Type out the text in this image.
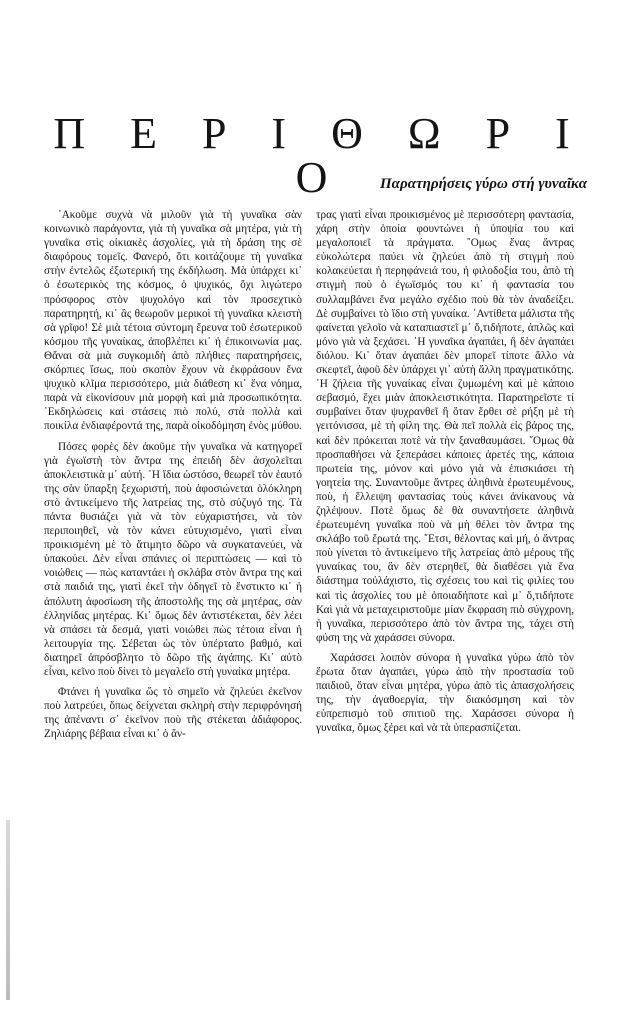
Π Ε Ρ Ι Θ Ω Ρ Ι Ο	Παρατηρήσεις γύρω στή γυναῖκα

᾿Ακοῦμε συχνὰ νὰ μιλοῦν γιὰ τὴ γυναῖκα σὰν κοινωνικὸ παράγοντα, γιὰ τὴ γυναῖκα σὰ μητέρα, γιὰ τὴ γυναῖκα στὶς οἰκιακὲς ἀσχολίες, γιὰ τὴ δράση της σὲ διαφόρους τομεῖς. Φανερό, ὅτι κοιτάζουμε τὴ γυναῖκα στὴν ἐντελῶς ἐξωτερική της ἐκδήλωση. Μὰ ὑπάρχει κι᾿ ὁ ἐσωτερικὸς της κόσμος, ὁ ψυχικός, ὄχι λιγώτερο πρόσφορος στὸν ψυχολόγο καὶ τὸν προσεχτικὸ παρατηρητή, κι᾿ ἂς θεωροῦν μερικοὶ τὴ γυναῖκα κλειστὴ σὰ γρῖφο! Σὲ μιὰ τέτοια σύντομη ἔρευνα τοῦ ἐσωτερικοῦ κόσμου τῆς γυναίκας, ἀποβλέπει κι᾿ ἡ ἐπικοινωνία μας. Θἄναι σὰ μιὰ συγκομιδὴ ἀπὸ πλήθιες παρατηρήσεις, σκόρπιες ἴσως, ποὺ σκοπὸν ἔχουν νὰ ἐκφράσουν ἕνα ψυχικὸ κλῖμα περισσότερο, μιὰ διάθεση κι᾿ ἕνα νόημα, παρὰ νὰ εἰκονίσουν μιὰ μορφὴ καὶ μιὰ προσωπικότητα. ᾿Εκδηλώσεις καὶ στάσεις πιὸ πολύ, στὰ πολλὰ καὶ ποικίλα ἐνδιαφέροντά της, παρὰ οἰκοδόμηση ἑνὸς μύθου.

Πόσες φορὲς δὲν ἀκοῦμε τὴν γυναῖκα νὰ κατηγορεῖ γιὰ ἐγωϊστὴ τὸν ἄντρα της ἐπειδὴ δὲν ἀσχολεῖται ἀποκλειστικὰ μ᾿ αὐτή. ῾Η ἴδια ὡστόσο, θεωρεῖ τὸν ἑαυτό της σὰν ὕπαρξη ξεχωριστή, ποὺ ἀφοσιώνεται ὁλόκληρη στὸ ἀντικείμενο τῆς λατρείας της, στὸ σύζυγό της. Τὰ πάντα θυσιάζει γιὰ νὰ τὸν εὐχαριστήσει, νὰ τὸν περιποιηθεῖ, νὰ τὸν κάνει εὐτυχισμένο, γιατὶ εἶναι προικισμένη μὲ τὸ ἄτιμητο δῶρο νὰ συγκατανεύει, νὰ ὑπακούει. Δὲν εἶναι σπάνιες οἱ περιπτώσεις — καὶ τὸ νοιώθεις — πὼς καταντάει ἡ σκλάβα στὸν ἄντρα της καὶ στὰ παιδιά της, γιατὶ ἐκεῖ τὴν ὁδηγεῖ τὸ ἔνστικτο κι᾿ ἡ ἀπόλυτη ἀφοσίωση τῆς ἀποστολῆς της σὰ μητέρας, σὰν ἑλληνίδας μητέρας. Κι᾿ ὅμως δὲν ἀντιστέκεται, δὲν λέει νὰ σπάσει τὰ δεσμά, γιατὶ νοιώθει πὼς τέτοια εἶναι ἡ λειτουργία της. Σέβεται ὡς τὸν ὑπέρτατο βαθμό, καὶ διατηρεῖ ἀπρόσβλητο τὸ δῶρο τῆς ἀγάπης. Κι᾿ αὐτὸ εἶναι, κεῖνο ποὺ δίνει τὸ μεγαλεῖο στὴ γυναίκα μητέρα.

Φτάνει ἡ γυναῖκα ὥς τὸ σημεῖο νὰ ζηλεύει ἐκεῖνον ποὺ λατρεύει, ὅπως δείχνεται σκληρὴ στὴν περιφρόνησή της ἀπέναντι σ᾿ ἐκεῖνον ποὺ τῆς στέκεται ἀδιάφορος. Ζηλιάρης βέβαια εἶναι κι᾿ ὁ ἄν-

τρας γιατὶ εἶναι προικισμένος μὲ περισσότερη φαντασία, χάρη στὴν ὁποία φουντώνει ἡ ὑποψία του καὶ μεγαλοποιεῖ τὰ πράγματα. ῎Ομως ἕνας ἄντρας εὐκολώτερα παύει νὰ ζηλεύει ἀπὸ τὴ στιγμὴ ποὺ κολακεύεται ἡ περηφάνειά του, ἡ φιλοδοξία του, ἀπὸ τὴ στιγμὴ ποὺ ὁ ἐγωϊσμός του κι᾿ ἡ φαντασία του συλλαμβάνει ἕνα μεγάλο σχέδιο ποὺ θὰ τὸν ἀναδείξει. Δὲ συμβαίνει τὸ ἴδιο στὴ γυναίκα. ᾿Αντίθετα μάλιστα τῆς φαίνεται γελοῖο νὰ καταπιαστεῖ μ᾿ ὅ,τιδήποτε, ἁπλῶς καὶ μόνο γιὰ νὰ ξεχάσει. ῾Η γυναῖκα ἀγαπάει, ἢ δὲν ἀγαπάει διόλου. Κι᾿ ὅταν ἀγαπάει δὲν μπορεῖ τίποτε ἄλλο νὰ σκεφτεῖ, ἀφοῦ δὲν ὑπάρχει γι᾿ αὐτὴ ἄλλη πραγματικότης. ῾Η ζήλεια τῆς γυναίκας εἶναι ζυμωμένη καὶ μὲ κάποιο σεβασμό, ἔχει μιὰν ἀποκλειστικότητα. Παρατηρεῖστε τί συμβαίνει ὅταν ψυχρανθεῖ ἢ ὅταν ἔρθει σὲ ρήξη μὲ τὴ γειτόνισσα, μὲ τὴ φίλη της. Θὰ πεῖ πολλὰ εἰς βάρος της, καὶ δὲν πρόκειται ποτὲ νὰ τὴν ξαναθαυμάσει. ῎Ομως θὰ προσπαθήσει νὰ ξεπεράσει κάποιες ἀρετές της, κάποια πρωτεία της, μόνον καὶ μόνο γιὰ νὰ ἐπισκιάσει τὴ γοητεία της. Συναντοῦμε ἄντρες ἀληθινὰ ἐρωτευμένους, ποὺ, ἡ ἔλλειψη φαντασίας τοὺς κάνει ἀνίκανους νὰ ζηλέψουν. Ποτὲ ὅμως δὲ θὰ συναντήσετε ἀληθινὰ ἐρωτευμένη γυναῖκα ποὺ νὰ μὴ θέλει τὸν ἄντρα της σκλάβο τοῦ ἔρωτά της. ῎Ετσι, θέλοντας καὶ μή, ὁ ἄντρας ποὺ γίνεται τὸ ἀντικείμενο τῆς λατρείας ἀπὸ μέρους τῆς γυναίκας του, ἂν δὲν στερηθεῖ, θὰ διαθέσει γιὰ ἕνα διάστημα τοὐλάχιστο, τὶς σχέσεις του καὶ τὶς φιλίες του καὶ τὶς ἀσχολίες του μὲ ὁποιαδήποτε καὶ μ᾿ ὅ,τιδήποτε Καὶ γιὰ νὰ μεταχειριστοῦμε μίαν ἔκφραση πιὸ σύγχρονη, ἡ γυναῖκα, περισσότερο ἀπὸ τὸν ἄντρα της, τάχει στὴ φύση της νὰ χαράσσει σύνορα.

Χαράσσει λοιπὸν σύνορα ἡ γυναῖκα γύρω ἀπὸ τὸν ἔρωτα ὅταν ἀγαπάει, γύρω ἀπὸ τὴν προστασία τοῦ παιδιοῦ, ὅταν εἶναι μητέρα, γύρω ἀπὸ τὶς ἀπασχολήσεις της, τὴν ἀγαθοεργία, τὴν διακόσμηση καὶ τὸν εὐπρεπισμὸ τοῦ σπιτιοῦ της. Χαράσσει σύνορα ἡ γυναῖκα, ὅμως ξέρει καὶ νὰ τὰ ὑπερασπίζεται.
